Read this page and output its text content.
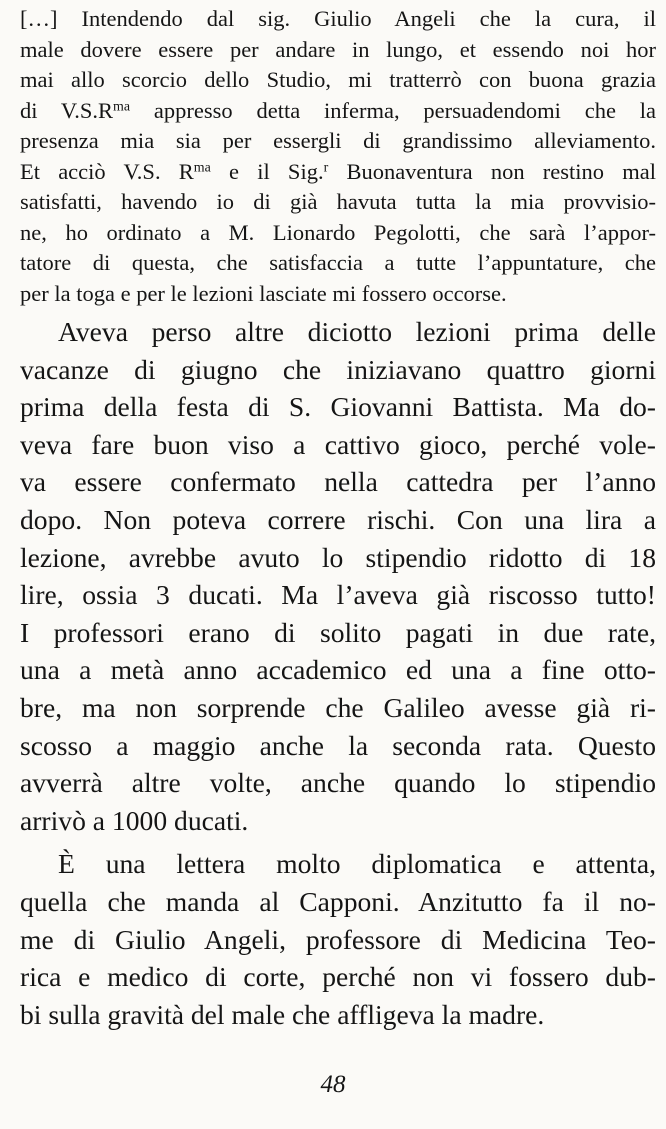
[…] Intendendo dal sig. Giulio Angeli che la cura, il
male dovere essere per andare in lungo, et essendo noi hor
mai allo scorcio dello Studio, mi tratterrò con buona grazia
di $V.S.R^{ma}$ appresso detta inferma, persuadendomi che la
presenza mia sia per essergli di grandissimo alleviamento.
Et acciò V.S. $R^{ma}$ e il Sig.$^r$ Buonaventura non restino mal
satisfatti, havendo io di già havuta tutta la mia provvisio-
ne, ho ordinato a M. Lionardo Pegolotti, che sarà l’appor-
tatore di questa, che satisfaccia a tutte l’appuntature, che
per la toga e per le lezioni lasciate mi fossero occorse.
Aveva perso altre diciotto lezioni prima delle
vacanze di giugno che iniziavano quattro giorni
prima della festa di S. Giovanni Battista. Ma do-
veva fare buon viso a cattivo gioco, perché vole-
va essere confermato nella cattedra per l’anno
dopo. Non poteva correre rischi. Con una lira a
lezione, avrebbe avuto lo stipendio ridotto di 18
lire, ossia 3 ducati. Ma l’aveva già riscosso tutto!
I professori erano di solito pagati in due rate,
una a metà anno accademico ed una a fine otto-
bre, ma non sorprende che Galileo avesse già ri-
scosso a maggio anche la seconda rata. Questo
avverrà altre volte, anche quando lo stipendio
arrivò a 1000 ducati.
È una lettera molto diplomatica e attenta,
quella che manda al Capponi. Anzitutto fa il no-
me di Giulio Angeli, professore di Medicina Teo-
rica e medico di corte, perché non vi fossero dub-
bi sulla gravità del male che affligeva la madre.
48
